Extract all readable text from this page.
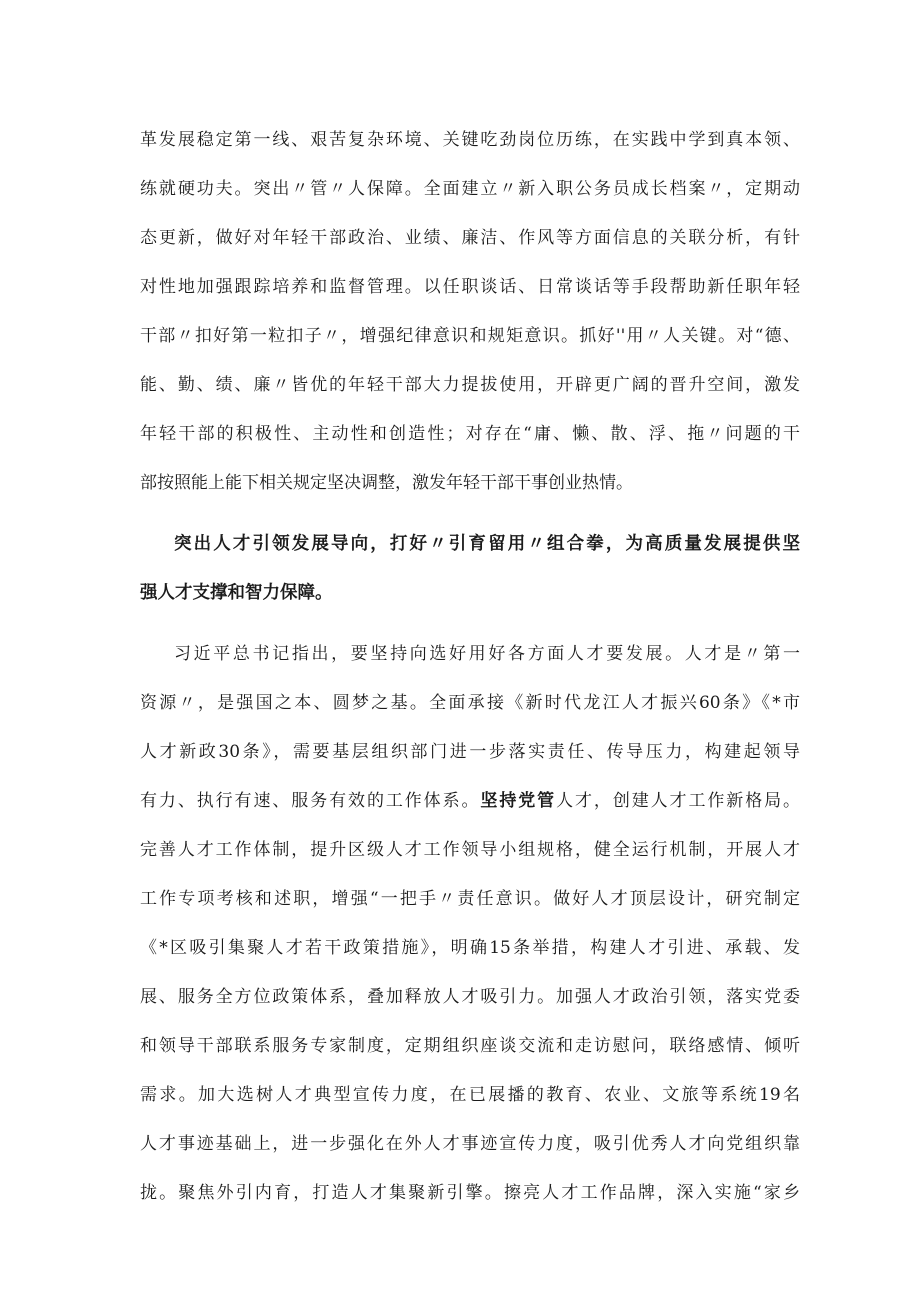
革发展稳定第一线、艰苦复杂环境、关键吃劲岗位历练，在实践中学到真本领、
练就硬功夫。突出〃管〃人保障。全面建立〃新入职公务员成长档案〃，定期动
态更新，做好对年轻干部政治、业绩、廉洁、作风等方面信息的关联分析，有针
对性地加强跟踪培养和监督管理。以任职谈话、日常谈话等手段帮助新任职年轻
干部〃扣好第一粒扣子〃，增强纪律意识和规矩意识。抓好''用〃人关键。对“德、
能、勤、绩、廉〃皆优的年轻干部大力提拔使用，开辟更广阔的晋升空间，激发
年轻干部的积极性、主动性和创造性；对存在“庸、懒、散、浮、拖〃问题的干
部按照能上能下相关规定坚决调整，激发年轻干部干事创业热情。
突出人才引领发展导向，打好〃引育留用〃组合拳，为高质量发展提供坚
强人才支撑和智力保障。
习近平总书记指出，要坚持向选好用好各方面人才要发展。人才是〃第一
资源〃，是强国之本、圆梦之基。全面承接《新时代龙江人才振兴60条》《*市
人才新政30条》，需要基层组织部门进一步落实责任、传导压力，构建起领导
有力、执行有速、服务有效的工作体系。坚持党管人才，创建人才工作新格局。
完善人才工作体制，提升区级人才工作领导小组规格，健全运行机制，开展人才
工作专项考核和述职，增强“一把手〃责任意识。做好人才顶层设计，研究制定
《*区吸引集聚人才若干政策措施》，明确15条举措，构建人才引进、承载、发
展、服务全方位政策体系，叠加释放人才吸引力。加强人才政治引领，落实党委
和领导干部联系服务专家制度，定期组织座谈交流和走访慰问，联络感情、倾听
需求。加大选树人才典型宣传力度，在已展播的教育、农业、文旅等系统19名
人才事迹基础上，进一步强化在外人才事迹宣传力度，吸引优秀人才向党组织靠
拢。聚焦外引内育，打造人才集聚新引擎。擦亮人才工作品牌，深入实施“家乡
